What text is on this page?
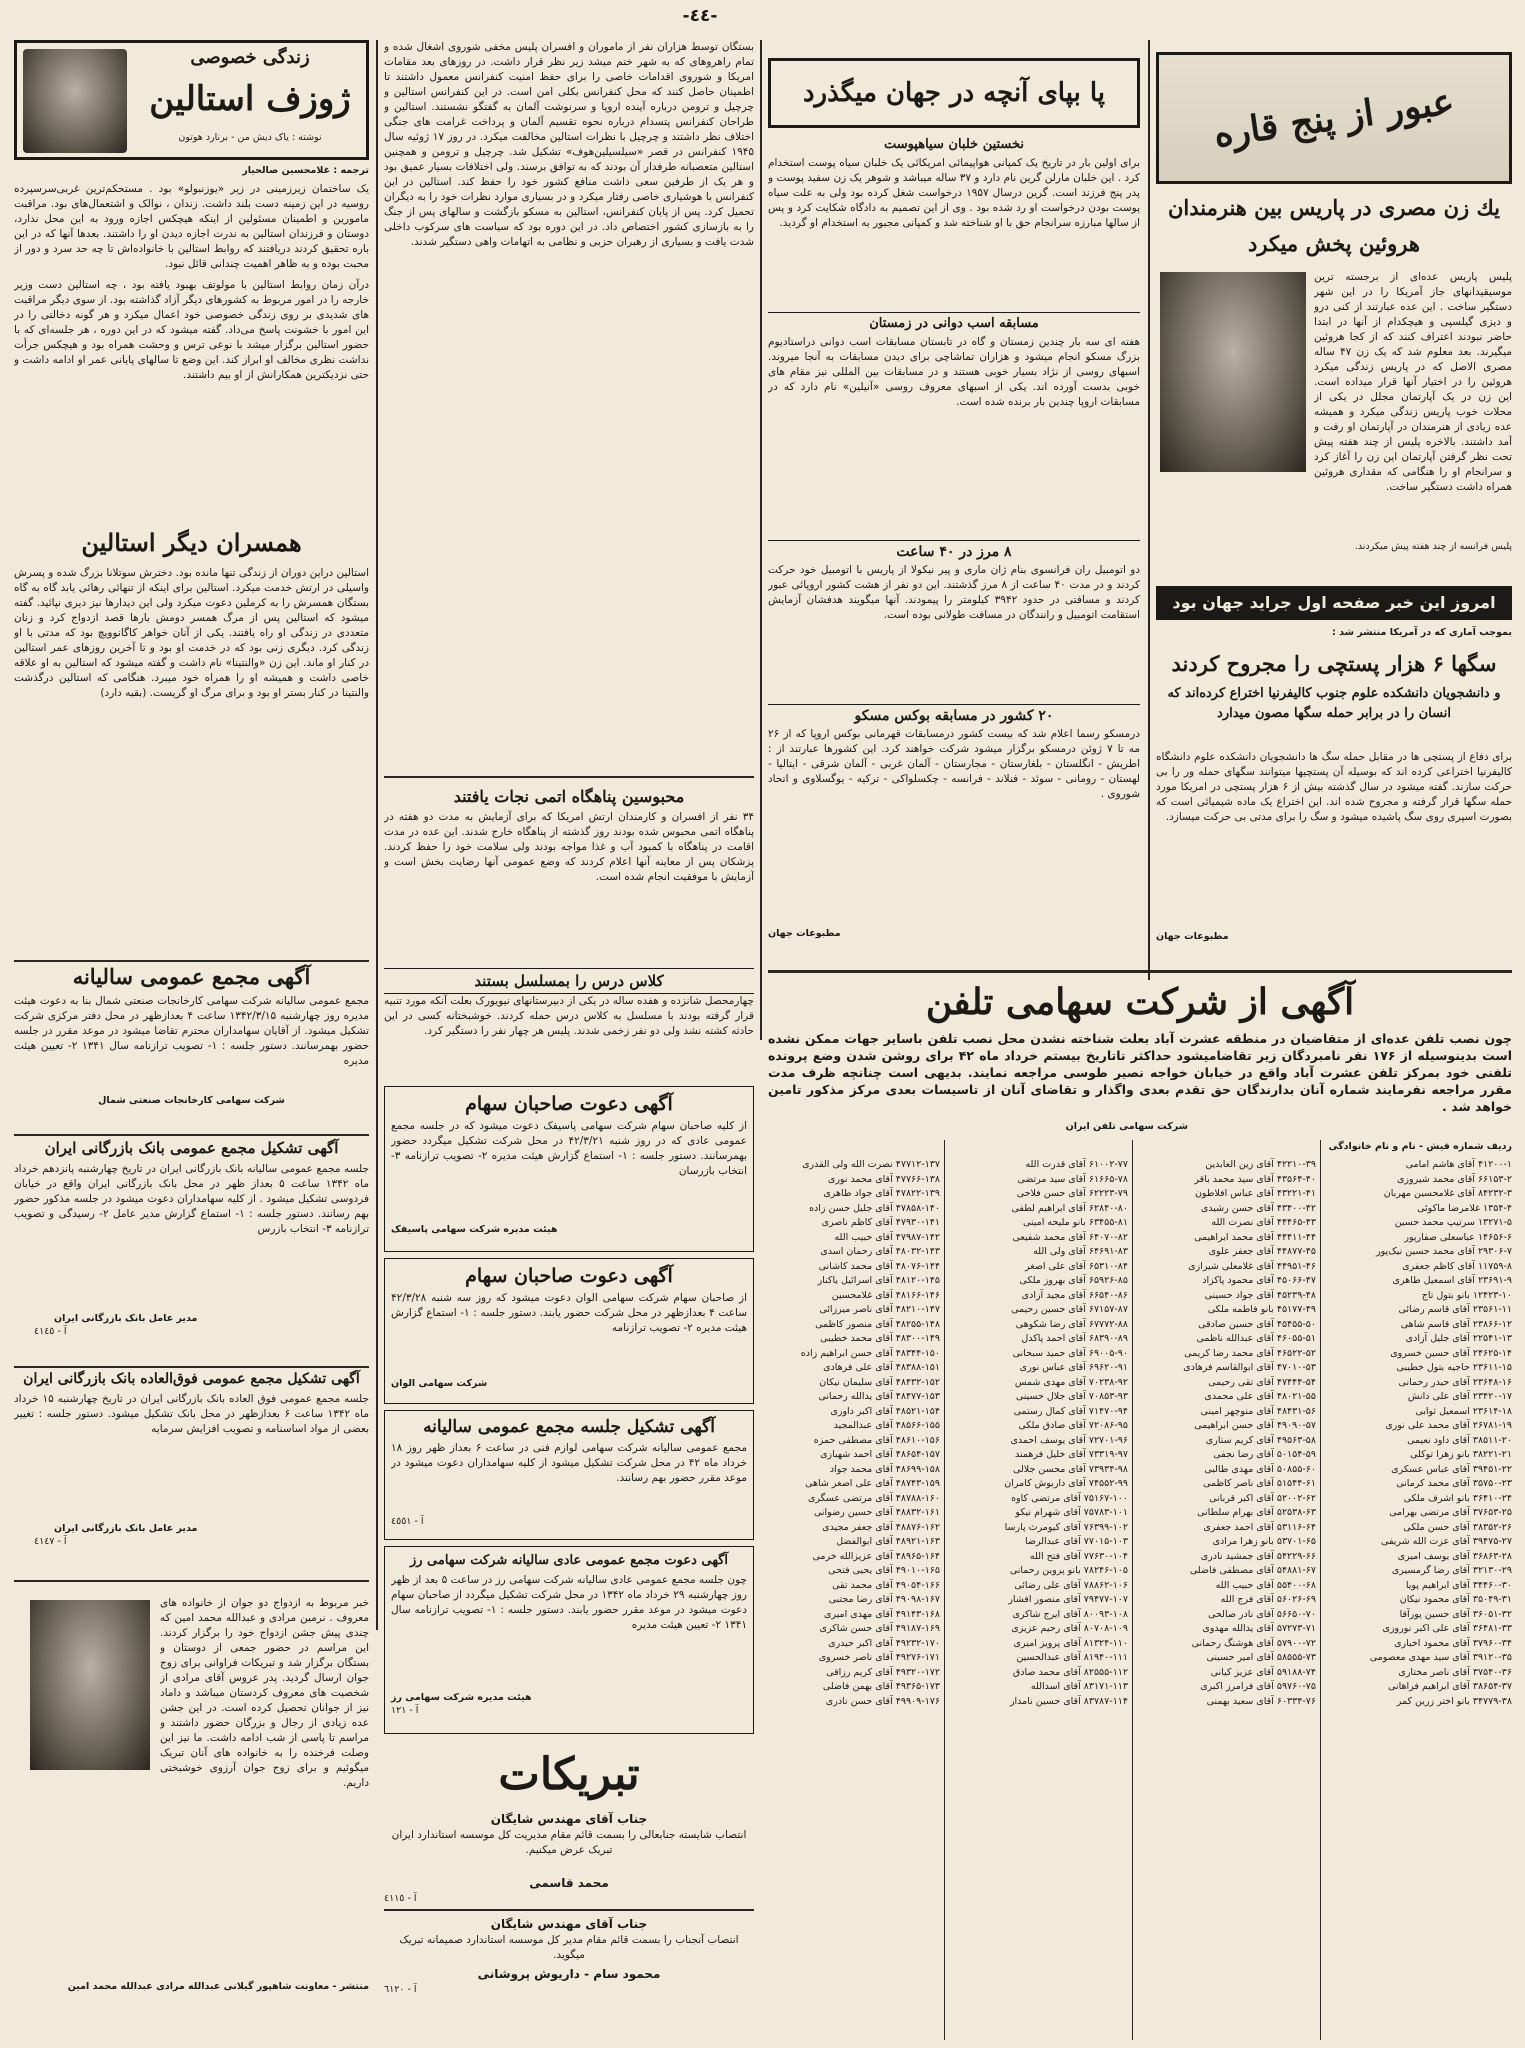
-٤٤-
زندگی خصوصی
ژوزف استالین
نوشته : یاک دیش من - برنارد هوتون
ترجمه : غلامحسین صالحیار

یک ساختمان زیرزمینی در زیر «یوزنبولو» بود . مستحکم‌ترین غربی‌سرسپرده روسیه در این زمینه دست بلند داشت. زندان ، نوالک و اشتعمال‌های بود. مراقبت مامورین و اطمینان مسئولین از اینکه هیچکس اجازه ورود به این محل ندارد، دوستان و فرزندان استالین به ندرت اجازه دیدن او را داشتند. بعدها آنها که در این باره تحقیق کردند دریافتند که روابط استالین با خانواده‌اش تا چه حد سرد و دور از محبت بوده و به ظاهر اهمیت چندانی قائل نبود.

درآن زمان روابط استالین با مولوتف بهبود یافته بود ، چه استالین دست وزیر خارجه را در امور مربوط به کشورهای دیگر آزاد گذاشته بود. از سوی دیگر مراقبت های شدیدی بر روی زندگی خصوصی خود اعمال میکرد و هر گونه دخالتی را در این امور با خشونت پاسخ می‌داد. گفته میشود که در این دوره ، هر جلسه‌ای که با حضور استالین برگزار میشد با نوعی ترس و وحشت همراه بود و هیچکس جرأت نداشت نظری مخالف او ابراز کند. این وضع تا سالهای پایانی عمر او ادامه داشت و حتی نزدیکترین همکارانش از او بیم داشتند.

همسران دیگر استالین
استالین دراین دوران از زندگی تنها مانده بود. دخترش سوتلانا بزرگ شده و پسرش واسیلی در ارتش خدمت میکرد. استالین برای اینکه از تنهائی رهائی یابد گاه به گاه بستگان همسرش را به کرملین دعوت میکرد ولی این دیدارها نیز دیری نپائید. گفته میشود که استالین پس از مرگ همسر دومش بارها قصد ازدواج کرد و زنان متعددی در زندگی او راه یافتند. یکی از آنان خواهر کاگانوویچ بود که مدتی با او زندگی کرد. دیگری زنی بود که در خدمت او بود و تا آخرین روزهای عمر استالین در کنار او ماند. این زن «والنتینا» نام داشت و گفته میشود که استالین به او علاقه خاصی داشت و همیشه او را همراه خود میبرد. هنگامی که استالین درگذشت والنتینا در کنار بستر او بود و برای مرگ او گریست. (بقیه دارد)
آگهی مجمع عمومی سالیانه
مجمع عمومی سالیانه شرکت سهامی کارخانجات صنعتی شمال بنا به دعوت هیئت مدیره روز چهارشنبه ۱۳۴۲/۳/۱۵ ساعت ۴ بعدازظهر در محل دفتر مرکزی شرکت تشکیل میشود. از آقایان سهامداران محترم تقاضا میشود در موعد مقرر در جلسه حضور بهمرسانند. دستور جلسه : ۱- تصویب ترازنامه سال ۱۳۴۱ ۲- تعیین هیئت مدیره
شرکت سهامی کارخانجات صنعتی شمال
آگهی تشکیل مجمع عمومی بانک بازرگانی ایران
جلسه مجمع عمومی سالیانه بانک بازرگانی ایران در تاریخ چهارشنبه پانزدهم خرداد ماه ۱۳۴۲ ساعت ۵ بعداز ظهر در محل بانک بازرگانی ایران واقع در خیابان فردوسی تشکیل میشود . از کلیه سهامداران دعوت میشود در جلسه مذکور حضور بهم رسانند. دستور جلسه : ۱- استماع گزارش مدیر عامل ۲- رسیدگی و تصویب ترازنامه ۳- انتخاب بازرس
مدیر عامل بانک بازرگانی ایران
آ - ٤١٤٥
آگهی تشکیل مجمع عمومی فوق‌العاده بانک بازرگانی ایران
جلسه مجمع عمومی فوق العاده بانک بازرگانی ایران در تاریخ چهارشنبه ۱۵ خرداد ماه ۱۳۴۲ ساعت ۶ بعدازظهر در محل بانک تشکیل میشود. دستور جلسه : تغییر بعضی از مواد اساسنامه و تصویب افزایش سرمایه
مدیر عامل بانک بازرگانی ایران
آ - ٤١٤٧
خبر مربوط به ازدواج دو جوان از خانواده های معروف . نرمین مرادی و عبدالله محمد امین که چندی پیش جشن ازدواج خود را برگزار کردند. این مراسم در حضور جمعی از دوستان و بستگان برگزار شد و تبریکات فراوانی برای زوج جوان ارسال گردید. پدر عروس آقای مرادی از شخصیت های معروف کردستان میباشد و داماد نیز از جوانان تحصیل کرده است. در این جشن عده زیادی از رجال و بزرگان حضور داشتند و مراسم تا پاسی از شب ادامه داشت. ما نیز این وصلت فرخنده را به خانواده های آنان تبریک میگوئیم و برای زوج جوان آرزوی خوشبختی داریم.
منتشر - معاونت شاهپور گیلانی عبدالله مرادی عبدالله محمد امین
بستگان توسط هزاران نفر از ماموران و افسران پلیس مخفی شوروی اشغال شده و تمام راهروهای که به شهر ختم میشد زیر نظر قرار داشت. در روزهای بعد مقامات امریکا و شوروی اقدامات خاصی را برای حفظ امنیت کنفرانس معمول داشتند تا اطمینان حاصل کنند که محل کنفرانس بکلی امن است. در این کنفرانس استالین و چرچیل و ترومن درباره آینده اروپا و سرنوشت آلمان به گفتگو نشستند. استالین و طراحان کنفرانس پتسدام درباره نحوه تقسیم آلمان و پرداخت غرامت های جنگی اختلاف نظر داشتند و چرچیل با نظرات استالین مخالفت میکرد. در روز ۱۷ ژوئیه سال ۱۹۴۵ کنفرانس در قصر «سیلسیلین‌هوف» تشکیل شد. چرچیل و ترومن و همچنین استالین متعصبانه طرفدار آن بودند که به توافق برسند. ولی اختلافات بسیار عمیق بود و هر یک از طرفین سعی داشت منافع کشور خود را حفظ کند. استالین در این کنفرانس با هوشیاری خاصی رفتار میکرد و در بسیاری موارد نظرات خود را به دیگران تحمیل کرد. پس از پایان کنفرانس، استالین به مسکو بازگشت و سالهای پس از جنگ را به بازسازی کشور اختصاص داد. در این دوره بود که سیاست های سرکوب داخلی شدت یافت و بسیاری از رهبران حزبی و نظامی به اتهامات واهی دستگیر شدند.
محبوسین پناهگاه اتمی نجات یافتند
۳۴ نفر از افسران و کارمندان ارتش امریکا که برای آزمایش به مدت دو هفته در پناهگاه اتمی محبوس شده بودند روز گذشته از پناهگاه خارج شدند. این عده در مدت اقامت در پناهگاه با کمبود آب و غذا مواجه بودند ولی سلامت خود را حفظ کردند. پزشکان پس از معاینه آنها اعلام کردند که وضع عمومی آنها رضایت بخش است و آزمایش با موفقیت انجام شده است.
کلاس درس را بمسلسل بستند
چهارمحصل شانزده و هفده ساله در یکی از دبیرستانهای نیویورک بعلت آنکه مورد تنبیه قرار گرفته بودند با مسلسل به کلاس درس حمله کردند. خوشبختانه کسی در این حادثه کشته نشد ولی دو نفر زخمی شدند. پلیس هر چهار نفر را دستگیر کرد.
آگهی دعوت صاحبان سهام
از کلیه صاحبان سهام شرکت سهامی پاسیفک دعوت میشود که در جلسه مجمع عمومی عادی که در روز شنبه ۴۲/۳/۲۱ در محل شرکت تشکیل میگردد حضور بهمرسانند. دستور جلسه : ۱- استماع گزارش هیئت مدیره ۲- تصویب ترازنامه ۳- انتخاب بازرسان
هیئت مدیره شرکت سهامی پاسیفک
آگهی دعوت صاحبان سهام
از صاحبان سهام شرکت سهامی الوان دعوت میشود که روز سه شنبه ۴۲/۳/۲۸ ساعت ۴ بعدازظهر در محل شرکت حضور یابند. دستور جلسه : ۱- استماع گزارش هیئت مدیره ۲- تصویب ترازنامه
شرکت سهامی الوان
آگهی تشکیل جلسه مجمع عمومی سالیانه
مجمع عمومی سالیانه شرکت سهامی لوازم فنی در ساعت ۶ بعداز ظهر روز ۱۸ خرداد ماه ۴۲ در محل شرکت تشکیل میشود از کلیه سهامداران دعوت میشود در موعد مقرر حضور بهم رسانند.
آ - ٤٥٥١
آگهی دعوت مجمع عمومی عادی سالیانه شرکت سهامی رز
چون جلسه مجمع عمومی عادی سالیانه شرکت سهامی رز در ساعت ۵ بعد از ظهر روز چهارشنبه ۲۹ خرداد ماه ۱۳۴۲ در محل شرکت تشکیل میگردد از صاحبان سهام دعوت میشود در موعد مقرر حضور یابند. دستور جلسه : ۱- تصویب ترازنامه سال ۱۳۴۱ ۲- تعیین هیئت مدیره
هیئت مدیره شرکت سهامی رز
آ - ۱۲۱
تبریکات
جناب آقای مهندس شایگان
انتصاب شایسته جنابعالی را بسمت قائم مقام مدیریت کل موسسه استاندارد ایران تبریک عرض میکنیم.
محمد قاسمی
آ - ٤١١٥
جناب آقای مهندس شایگان
انتصاب آنجناب را بسمت قائم مقام مدیر کل موسسه استاندارد صمیمانه تبریک میگوید.
محمود سام - داریوش پروشانی
آ - ٦١٢٠
پا بپای آنچه در جهان میگذرد
نخستین خلبان سیاهپوست
برای اولین بار در تاریخ یک کمپانی هواپیمائی امریکائی یک خلبان سیاه پوست استخدام کرد . این خلبان مارلن گرین نام دارد و ۳۷ ساله میباشد و شوهر یک زن سفید پوست و پدر پنج فرزند است. گرین درسال ۱۹۵۷ درخواست شغل کرده بود ولی به علت سیاه پوست بودن درخواست او رد شده بود . وی از این تصمیم به دادگاه شکایت کرد و پس از سالها مبارزه سرانجام حق با او شناخته شد و کمپانی مجبور به استخدام او گردید.
مسابقه اسب دوانی در زمستان
هفته ای سه بار چندین زمستان و گاه در تابستان مسابقات اسب دوانی دراستادیوم بزرگ مسکو انجام میشود و هزاران تماشاچی برای دیدن مسابقات به آنجا میروند. اسبهای روسی از نژاد بسیار خوبی هستند و در مسابقات بین المللی نیز مقام های خوبی بدست آورده اند. یکی از اسبهای معروف روسی «آنیلین» نام دارد که در مسابقات اروپا چندین بار برنده شده است.
۸ مرز در ۴۰ ساعت
دو اتومبیل ران فرانسوی بنام ژان ماری و پیر نیکولا از پاریس با اتومبیل خود حرکت کردند و در مدت ۴۰ ساعت از ۸ مرز گذشتند. این دو نفر از هشت کشور اروپائی عبور کردند و مسافتی در حدود ۳۹۴۲ کیلومتر را پیمودند. آنها میگویند هدفشان آزمایش استقامت اتومبیل و رانندگان در مسافت طولانی بوده است.
۲۰ کشور در مسابقه بوکس مسکو
درمسکو رسما اعلام شد که بیست کشور درمسابقات قهرمانی بوکس اروپا که از ۲۶ مه تا ۷ ژوئن درمسکو برگزار میشود شرکت خواهند کرد. این کشورها عبارتند از : اطریش - انگلستان - بلغارستان - مجارستان - آلمان غربی - آلمان شرقی - ایتالیا - لهستان - رومانی - سوئد - فنلاند - فرانسه - چکسلواکی - ترکیه - یوگسلاوی و اتحاد شوروی .
مطبوعات جهان
عبور از پنج قاره
یك زن مصری در پاریس بین هنرمندان هروئین پخش میکرد
پلیس پاریس عده‌ای از برجسته ترین موسیقیدانهای جاز آمریکا را در این شهر دستگیر ساخت . این عده عبارتند از کنی درو و دیزی گیلسپی و هیچکدام از آنها در ابتدا حاضر نبودند اعتراف کنند که از کجا هروئین میگیرند. بعد معلوم شد که یک زن ۴۷ ساله مصری الاصل که در پاریس زندگی میکرد هروئین را در اختیار آنها قرار میداده است. این زن در یک آپارتمان مجلل در یکی از محلات خوب پاریس زندگی میکرد و همیشه عده زیادی از هنرمندان در آپارتمان او رفت و آمد داشتند. بالاخره پلیس از چند هفته پیش تحت نظر گرفتن آپارتمان این زن را آغاز کرد و سرانجام او را هنگامی که مقداری هروئین همراه داشت دستگیر ساخت.
پلیس فرانسه از چند هفته پیش میکردند.
امروز این خبر صفحه اول جراید جهان بود
بموجب آماری که در آمریکا منتشر شد :
سگها ۶ هزار پستچی را مجروح کردند
و دانشجویان دانشکده علوم جنوب کالیفرنیا اختراع کرده‌اند که انسان را در برابر حمله سگها مصون میدارد
برای دفاع از پستچی ها در مقابل حمله سگ ها دانشجویان دانشکده علوم دانشگاه کالیفرنیا اختراعی کرده اند که بوسیله آن پستچیها میتوانند سگهای حمله ور را بی حرکت سازند. گفته میشود در سال گذشته بیش از ۶ هزار پستچی در امریکا مورد حمله سگها قرار گرفته و مجروح شده اند. این اختراع یک ماده شیمیائی است که بصورت اسپری روی سگ پاشیده میشود و سگ را برای مدتی بی حرکت میسازد.
مطبوعات جهان
آگهی از شرکت سهامی تلفن
چون نصب تلفن عده‌ای از متقاضیان در منطقه عشرت آباد بعلت شناخته نشدن محل نصب تلفن باسایر جهات ممکن نشده است بدینوسیله از ۱۷۶ نفر نامبردگان زیر تقاضامیشود حداکثر تاتاریخ بیستم خرداد ماه ۴۲ برای روشن شدن وضع پرونده تلفنی خود بمرکز تلفن عشرت آباد واقع در خیابان خواجه نصیر طوسی مراجعه نمایند. بدیهی است چنانچه ظرف مدت مقرر مراجعه نفرمایند شماره آنان بدارندگان حق تقدم بعدی واگذار و تقاضای آنان از تاسیسات بعدی مرکز مذکور تامین خواهد شد .
شرکت سهامی تلفن ایران
ردیف شماره فیش - نام و نام خانوادگی
۴۱۲۰۰-۱ آقای هاشم امامی
۶۶۱۵۳-۲ آقای محمد شیروزی
۸۴۲۳۲-۳ آقای غلامحسین مهربان
۱۳۵۴-۴ غلامرضا ماکوئی
۱۳۲۷۱-۵ سرتیپ محمد حسین
۱۴۶۵۶-۶ عباسعلی صفارپور
۲۹۳۰۶-۷ آقای محمد حسین نیک‌پور
۱۱۷۵۹-۸ آقای کاظم جعفری
۲۳۶۹۱-۹ آقای اسمعیل طاهری
۱۲۴۲۳-۱۰ بانو بتول تاج
۲۳۵۶۱-۱۱ آقای قاسم رضائی
۲۳۸۶۶-۱۲ آقای قاسم شاهی
۲۲۵۴۱-۱۳ آقای جلیل آزادی
۲۴۶۲۵-۱۴ آقای حسین خسروی
۲۳۶۱۱-۱۵ حاجیه بتول خطیبی
۲۳۶۴۸-۱۶ آقای حیدر رحمانی
۲۳۴۲۰-۱۷ آقای علی دانش
۲۳۶۱۴-۱۸ اسمعیل ثوابی
۲۶۷۸۱-۱۹ آقای محمد علی نوری
۳۸۵۱۱-۲۰ آقای داود نعیمی
۳۸۲۲۱-۲۱ بانو زهرا توکلی
۳۹۴۵۱-۲۲ آقای عباس عسکری
۳۵۷۵۰-۲۳ آقای محمد کرمانی
۳۶۴۱۰-۲۴ بانو اشرف ملکی
۳۷۶۵۳-۲۵ آقای مرتضی بهرامی
۳۸۳۵۲-۲۶ آقای حسن ملکی
۳۹۴۷۵-۲۷ آقای عزت الله شریفی
۳۶۸۶۳-۲۸ آقای یوسف امیری
۳۲۱۳۰-۲۹ آقای رضا گرمسیری
۳۴۴۶۰-۳۰ آقای ابراهیم پویا
۳۵۰۴۹-۳۱ آقای محمود نیکان
۳۶۰۵۱-۳۲ آقای حسین پورآقا
۳۶۴۸۱-۳۳ آقای علی اکبر نوروزی
۳۷۹۶۰-۳۴ آقای محمود اخباری
۳۹۱۲۰-۳۵ آقای سید مهدی معصومی
۳۷۵۴۰-۳۶ آقای ناصر مختاری
۳۸۶۵۴-۳۷ آقای ابراهیم فراهانی
۳۴۷۷۹-۳۸ بانو اختر زرین کمر
۴۲۲۱۰-۳۹ آقای زین العابدین
۴۳۵۶۴-۴۰ آقای سید محمد باقر
۴۳۲۲۱-۴۱ آقای عباس افلاطون
۴۳۴۰۰-۴۲ آقای حسن رشیدی
۴۴۴۶۵-۴۳ آقای نصرت الله
۴۴۴۱۱-۴۴ آقای محمد ابراهیمی
۴۴۸۷۷-۴۵ آقای جعفر علوی
۴۴۹۵۱-۴۶ آقای غلامعلی شیرازی
۴۵۰۶۶-۴۷ آقای محمود پاکزاد
۴۵۲۳۹-۴۸ آقای جواد حسینی
۴۵۱۷۷-۴۹ بانو فاطمه ملکی
۴۵۴۵۵-۵۰ آقای حسین صادقی
۴۶۰۵۵-۵۱ آقای عبدالله ناظمی
۴۶۵۲۲-۵۲ آقای محمد رضا کریمی
۴۷۰۱۰-۵۳ آقای ابوالقاسم فرهادی
۴۷۴۴۴-۵۴ آقای تقی رحیمی
۴۸۰۲۱-۵۵ آقای علی محمدی
۴۸۴۳۱-۵۶ آقای منوچهر امینی
۴۹۰۹۰-۵۷ آقای حسن ابراهیمی
۴۹۵۶۳-۵۸ آقای کریم ستاری
۵۰۱۵۴-۵۹ آقای رضا نجفی
۵۰۸۵۵-۶۰ آقای مهدی طالبی
۵۱۵۴۴-۶۱ آقای ناصر کاظمی
۵۲۰۰۲-۶۲ آقای اکبر قربانی
۵۲۵۳۸-۶۳ آقای بهرام سلطانی
۵۳۱۱۶-۶۴ آقای احمد جعفری
۵۳۷۰۱-۶۵ بانو زهرا مرادی
۵۴۲۲۹-۶۶ آقای جمشید نادری
۵۴۸۸۱-۶۷ آقای مصطفی فاضلی
۵۵۴۰۰-۶۸ آقای حبیب الله
۵۶۰۲۶-۶۹ آقای فرج الله
۵۶۶۵۰-۷۰ آقای نادر صالحی
۵۷۲۷۳-۷۱ آقای یدالله مهدوی
۵۷۹۰۰-۷۲ آقای هوشنگ رحمانی
۵۸۵۵۵-۷۳ آقای امیر حسینی
۵۹۱۸۸-۷۴ آقای عزیز کیانی
۵۹۷۶۰-۷۵ آقای فرامرز اکبری
۶۰۳۳۴-۷۶ آقای سعید بهمنی
۶۱۰۰۲-۷۷ آقای قدرت الله
۶۱۶۶۵-۷۸ آقای سید مرتضی
۶۲۲۲۳-۷۹ آقای حسن فلاحی
۶۲۸۴۰-۸۰ آقای ابراهیم لطفی
۶۳۴۵۵-۸۱ بانو ملیحه امینی
۶۴۰۷۰-۸۲ آقای محمد شفیعی
۶۴۶۹۱-۸۳ آقای ولی الله
۶۵۳۱۰-۸۴ آقای علی اصغر
۶۵۹۲۶-۸۵ آقای بهروز ملکی
۶۶۵۴۰-۸۶ آقای مجید آزادی
۶۷۱۵۷-۸۷ آقای حسین رحیمی
۶۷۷۷۲-۸۸ آقای رضا شکوهی
۶۸۳۹۰-۸۹ آقای احمد پاکدل
۶۹۰۰۵-۹۰ آقای حمید سبحانی
۶۹۶۲۰-۹۱ آقای عباس نوری
۷۰۲۳۸-۹۲ آقای مهدی شمس
۷۰۸۵۳-۹۳ آقای جلال حسینی
۷۱۴۷۰-۹۴ آقای کمال رستمی
۷۲۰۸۶-۹۵ آقای صادق ملکی
۷۲۷۰۱-۹۶ آقای یوسف احمدی
۷۳۳۱۹-۹۷ آقای خلیل فرهمند
۷۳۹۳۴-۹۸ آقای محسن جلالی
۷۴۵۵۲-۹۹ آقای داریوش کامران
۷۵۱۶۷-۱۰۰ آقای مرتضی کاوه
۷۵۷۸۳-۱۰۱ آقای شهرام نیکو
۷۶۳۹۹-۱۰۲ آقای کیومرث پارسا
۷۷۰۱۵-۱۰۳ آقای عبدالرضا
۷۷۶۳۰-۱۰۴ آقای فتح الله
۷۸۲۴۶-۱۰۵ بانو پروین رحمانی
۷۸۸۶۲-۱۰۶ آقای علی رضائی
۷۹۴۷۷-۱۰۷ آقای منصور افشار
۸۰۰۹۳-۱۰۸ آقای ایرج شاکری
۸۰۷۰۸-۱۰۹ آقای رحیم عزیزی
۸۱۳۲۴-۱۱۰ آقای پرویز امیری
۸۱۹۴۰-۱۱۱ آقای عبدالحسین
۸۲۵۵۵-۱۱۲ آقای محمد صادق
۸۳۱۷۱-۱۱۳ آقای اسدالله
۸۳۷۸۷-۱۱۴ آقای حسین نامدار
۴۷۷۱۲-۱۳۷ نصرت الله ولی القدری
۴۷۷۶۶-۱۳۸ آقای محمد نوری
۴۷۸۲۲-۱۳۹ آقای جواد طاهری
۴۷۸۵۸-۱۴۰ آقای جلیل حسن زاده
۴۷۹۳۰-۱۴۱ آقای کاظم ناصری
۴۷۹۸۷-۱۴۲ آقای حبیب الله
۴۸۰۳۲-۱۴۳ آقای رحمان اسدی
۴۸۰۷۶-۱۴۴ آقای محمد کاشانی
۴۸۱۲۰-۱۴۵ آقای اسرائیل یاکنار
۴۸۱۶۶-۱۴۶ آقای غلامحسین
۴۸۲۱۰-۱۴۷ آقای ناصر میرزائی
۴۸۲۵۵-۱۴۸ آقای منصور کاظمی
۴۸۳۰۰-۱۴۹ آقای محمد خطیبی
۴۸۳۴۴-۱۵۰ آقای حسن ابراهیم زاده
۴۸۳۸۸-۱۵۱ آقای علی فرهادی
۴۸۴۳۲-۱۵۲ آقای سلیمان نیکان
۴۸۴۷۷-۱۵۳ آقای یدالله رحمانی
۴۸۵۲۱-۱۵۴ آقای اکبر داوری
۴۸۵۶۶-۱۵۵ آقای عبدالمجید
۴۸۶۱۰-۱۵۶ آقای مصطفی حمزه
۴۸۶۵۴-۱۵۷ آقای احمد شهبازی
۴۸۶۹۹-۱۵۸ آقای محمد جواد
۴۸۷۴۳-۱۵۹ آقای علی اصغر شاهی
۴۸۷۸۸-۱۶۰ آقای مرتضی عسگری
۴۸۸۳۲-۱۶۱ آقای حسین رضوانی
۴۸۸۷۶-۱۶۲ آقای جعفر مجیدی
۴۸۹۲۱-۱۶۳ آقای ابوالفضل
۴۸۹۶۵-۱۶۴ آقای عزیزالله خرمی
۴۹۰۱۰-۱۶۵ آقای یحیی فتحی
۴۹۰۵۴-۱۶۶ آقای محمد تقی
۴۹۰۹۸-۱۶۷ آقای رضا مجتبی
۴۹۱۴۳-۱۶۸ آقای مهدی امیری
۴۹۱۸۷-۱۶۹ آقای حسن شاکری
۴۹۲۳۲-۱۷۰ آقای اکبر حیدری
۴۹۲۷۶-۱۷۱ آقای ناصر خسروی
۴۹۳۲۰-۱۷۲ آقای کریم رزاقی
۴۹۳۶۵-۱۷۳ آقای بهمن فاضلی
۴۹۹۰۹-۱۷۶ آقای حسن نادری
